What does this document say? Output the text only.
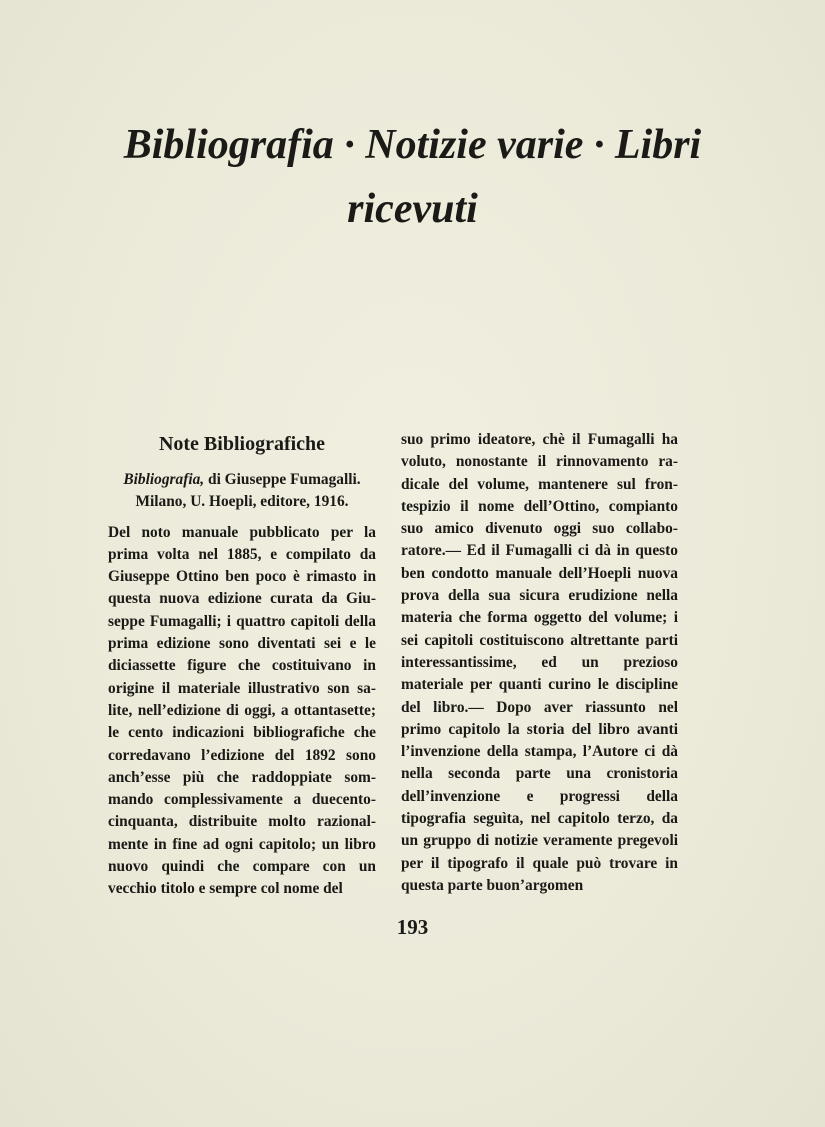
Bibliografia · Notizie varie · Libri
ricevuti
Note Bibliografiche
Bibliografia, di Giuseppe Fumagalli.
Milano, U. Hoepli, editore, 1916.

Del noto manuale pubblicato per la prima volta nel 1885, e compilato da Giuseppe Ottino ben poco è rimasto in questa nuova edizione curata da Giuseppe Fumagalli; i quattro capitoli della prima edizione sono diventati sei e le diciassette figure che costituivano in origine il materiale illustrativo son salite, nell’edizione di oggi, a ottantasette; le cento indicazioni bibliografiche che corredavano l’edizione del 1892 sono anch’esse più che raddoppiate sommando complessivamente a duecentocinquanta, distribuite molto razionalmente in fine ad ogni capitolo; un libro nuovo quindi che compare con un vecchio titolo e sempre col nome del

suo primo ideatore, chè il Fumagalli ha voluto, nonostante il rinnovamento radicale del volume, mantenere sul frontespizio il nome dell’Ottino, compianto suo amico divenuto oggi suo collaboratore.— Ed il Fumagalli ci dà in questo ben condotto manuale dell’Hoepli nuova prova della sua sicura erudizione nella materia che forma oggetto del volume; i sei capitoli costituiscono altrettante parti interessantissime, ed un prezioso materiale per quanti curino le discipline del libro.— Dopo aver riassunto nel primo capitolo la storia del libro avanti l’invenzione della stampa, l’Autore ci dà nella seconda parte una cronistoria dell’invenzione e progressi della tipografia seguìta, nel capitolo terzo, da un gruppo di notizie veramente pregevoli per il tipografo il quale può trovare in questa parte buon’argomen

193
